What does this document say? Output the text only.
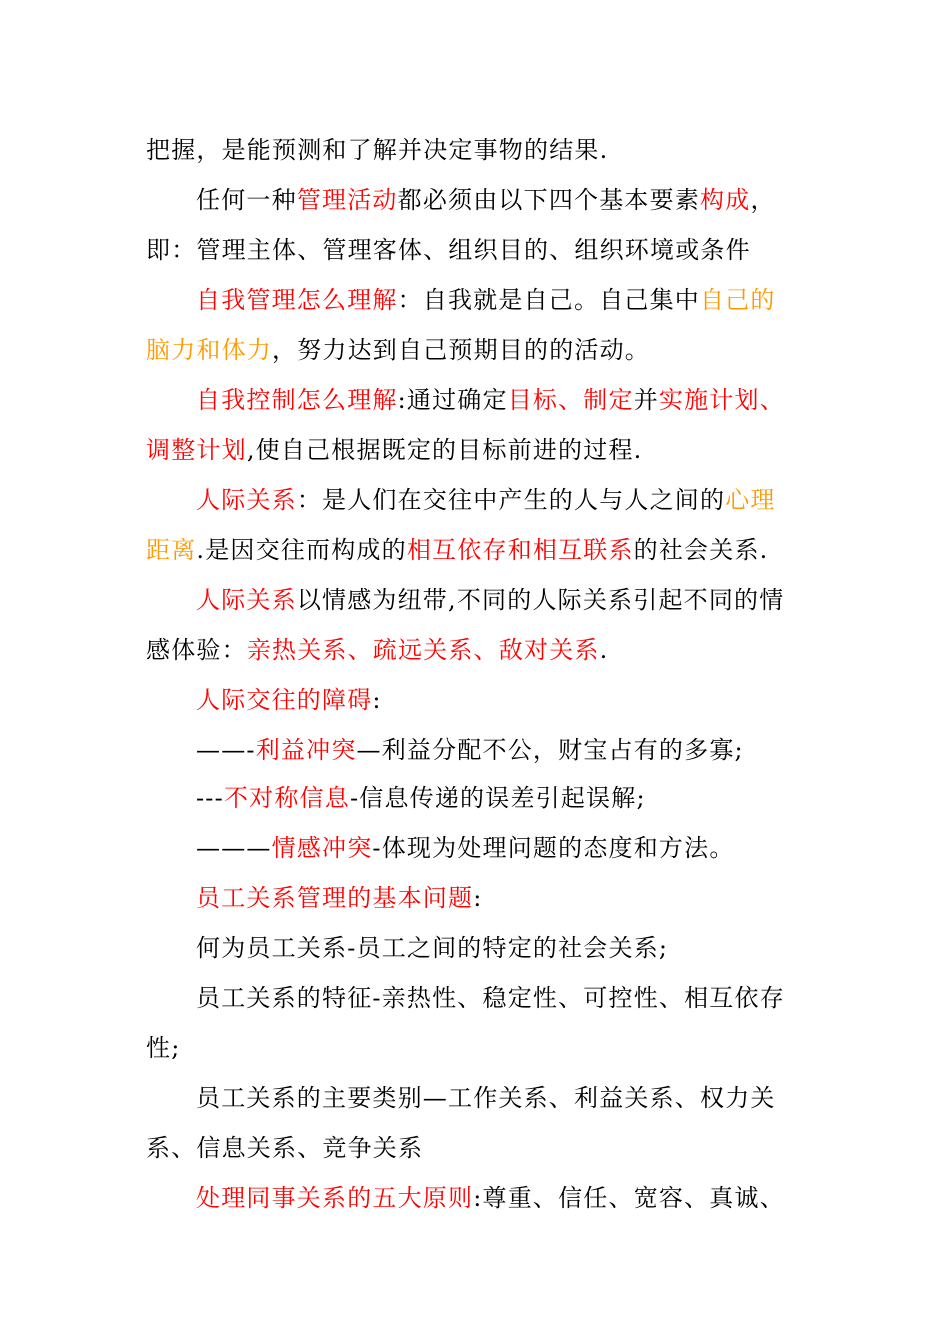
把握，是能预测和了解并决定事物的结果.
任何一种管理活动都必须由以下四个基本要素构成，
即：管理主体、管理客体、组织目的、组织环境或条件
自我管理怎么理解：自我就是自己。自己集中自己的
脑力和体力，努力达到自己预期目的的活动。
自我控制怎么理解:通过确定目标、制定并实施计划、
调整计划,使自己根据既定的目标前进的过程.
人际关系：是人们在交往中产生的人与人之间的心理
距离.是因交往而构成的相互依存和相互联系的社会关系.
人际关系以情感为纽带,不同的人际关系引起不同的情
感体验：亲热关系、疏远关系、敌对关系.
人际交往的障碍:
——-利益冲突—利益分配不公，财宝占有的多寡;
---不对称信息-信息传递的误差引起误解;
———情感冲突-体现为处理问题的态度和方法。
员工关系管理的基本问题:
何为员工关系-员工之间的特定的社会关系;
员工关系的特征-亲热性、稳定性、可控性、相互依存
性;
员工关系的主要类别—工作关系、利益关系、权力关
系、信息关系、竞争关系
处理同事关系的五大原则:尊重、信任、宽容、真诚、
